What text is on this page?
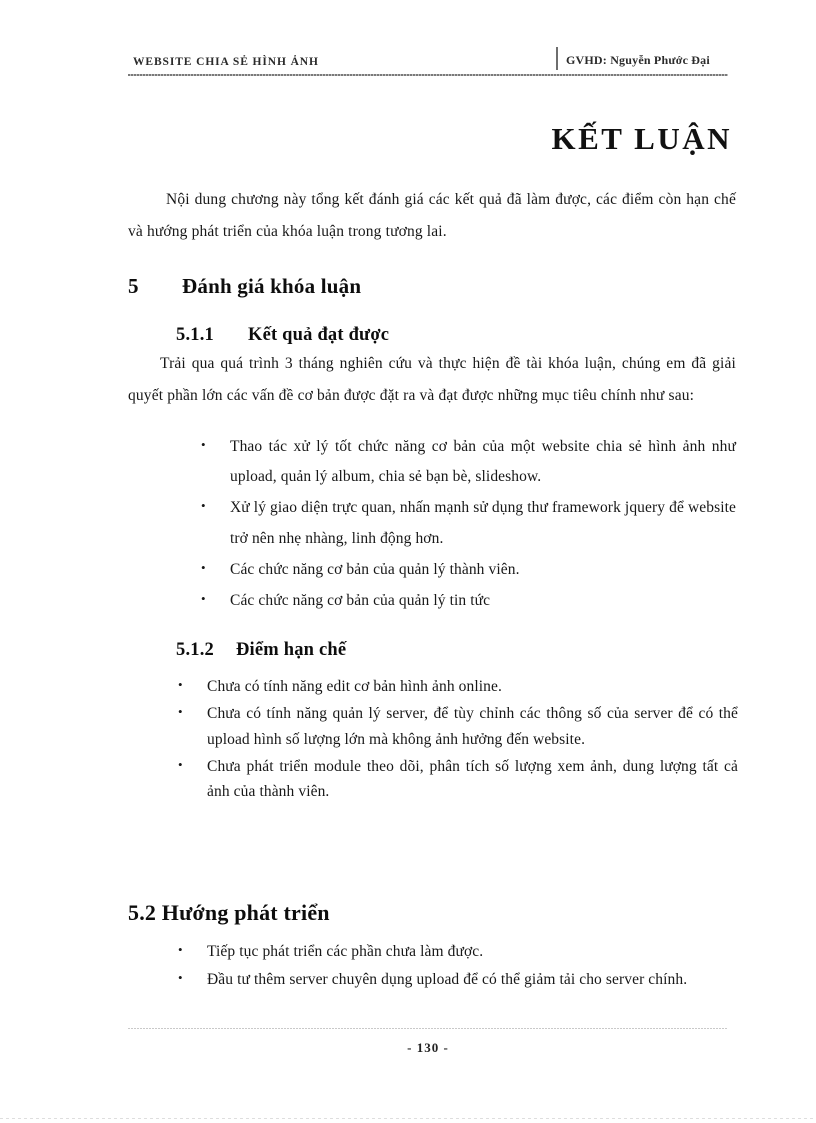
WEBSITE CHIA SẺ HÌNH ẢNH	GVHD: Nguyễn Phước Đại
KẾT LUẬN

Nội dung chương này tổng kết đánh giá các kết quả đã làm được, các điểm còn hạn chế và hướng phát triển của khóa luận trong tương lai.

5	Đánh giá khóa luận
5.1.1	Kết quả đạt được

Trải qua quá trình 3 tháng nghiên cứu và thực hiện đề tài khóa luận, chúng em đã giải quyết phần lớn các vấn đề cơ bản được đặt ra và đạt được những mục tiêu chính như sau:

• Thao tác xử lý tốt chức năng cơ bản của một website chia sẻ hình ảnh như upload, quản lý album, chia sẻ bạn bè, slideshow.
• Xử lý giao diện trực quan, nhấn mạnh sử dụng thư framework jquery để website trở nên nhẹ nhàng, linh động hơn.
• Các chức năng cơ bản của quản lý thành viên.
• Các chức năng cơ bản của quản lý tin tức
5.1.2	Điểm hạn chế
• Chưa có tính năng edit cơ bản hình ảnh online.
• Chưa có tính năng quản lý server, để tùy chỉnh các thông số của server để có thể upload hình số lượng lớn mà không ảnh hưởng đến website.
• Chưa phát triển module theo dõi, phân tích số lượng xem ảnh, dung lượng tất cả ảnh của thành viên.
5.2 Hướng phát triển
• Tiếp tục phát triển các phần chưa làm được.
• Đầu tư thêm server chuyên dụng upload để có thể giảm tải cho server chính.
- 130 -
